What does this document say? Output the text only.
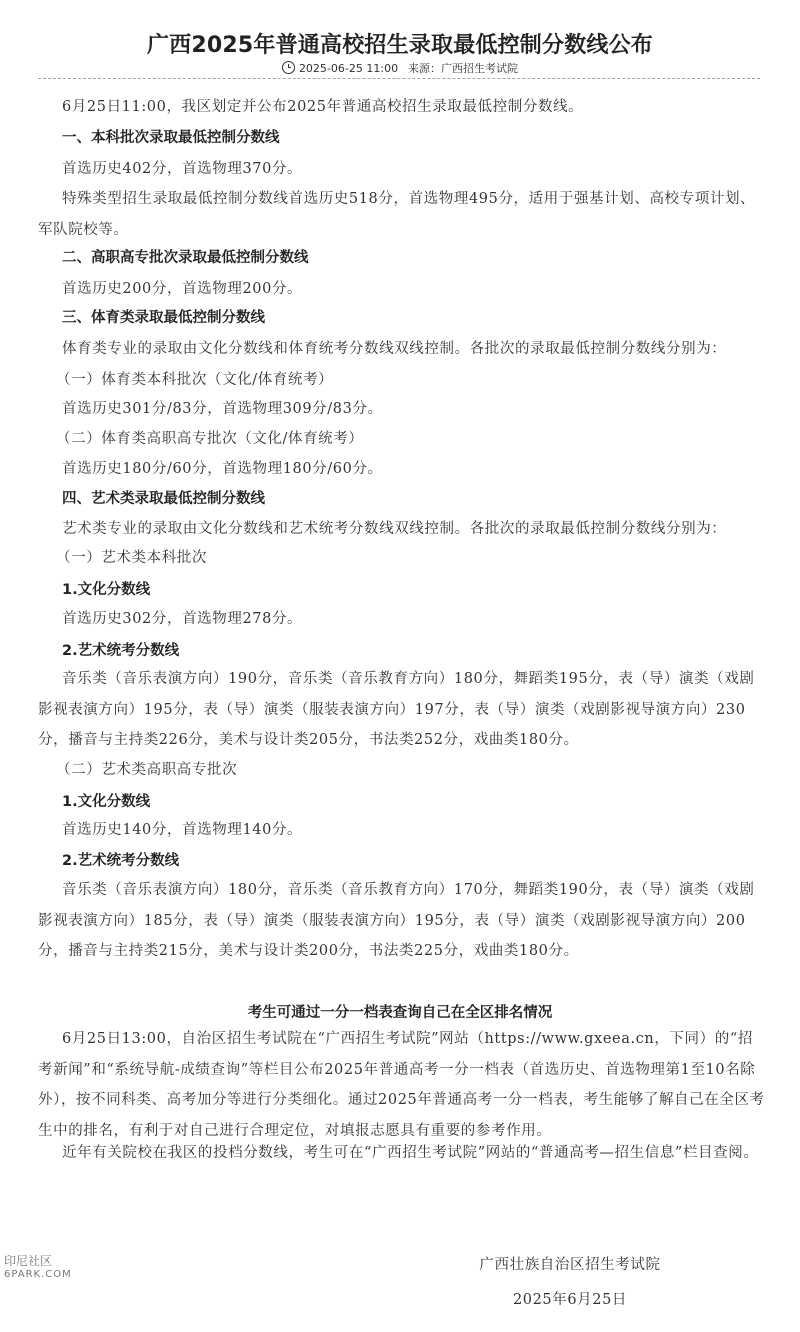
广西2025年普通高校招生录取最低控制分数线公布
2025-06-25 11:00 来源：广西招生考试院
6月25日11:00，我区划定并公布2025年普通高校招生录取最低控制分数线。
一、本科批次录取最低控制分数线
首选历史402分，首选物理370分。
特殊类型招生录取最低控制分数线首选历史518分，首选物理495分，适用于强基计划、高校专项计划、军队院校等。
二、高职高专批次录取最低控制分数线
首选历史200分，首选物理200分。
三、体育类录取最低控制分数线
体育类专业的录取由文化分数线和体育统考分数线双线控制。各批次的录取最低控制分数线分别为：
（一）体育类本科批次（文化/体育统考）
首选历史301分/83分，首选物理309分/83分。
（二）体育类高职高专批次（文化/体育统考）
首选历史180分/60分，首选物理180分/60分。
四、艺术类录取最低控制分数线
艺术类专业的录取由文化分数线和艺术统考分数线双线控制。各批次的录取最低控制分数线分别为：
（一）艺术类本科批次
1.文化分数线
首选历史302分，首选物理278分。
2.艺术统考分数线
音乐类（音乐表演方向）190分，音乐类（音乐教育方向）180分，舞蹈类195分，表（导）演类（戏剧影视表演方向）195分，表（导）演类（服装表演方向）197分，表（导）演类（戏剧影视导演方向）230分，播音与主持类226分，美术与设计类205分，书法类252分，戏曲类180分。
（二）艺术类高职高专批次
1.文化分数线
首选历史140分，首选物理140分。
2.艺术统考分数线
音乐类（音乐表演方向）180分，音乐类（音乐教育方向）170分，舞蹈类190分，表（导）演类（戏剧影视表演方向）185分，表（导）演类（服装表演方向）195分，表（导）演类（戏剧影视导演方向）200分，播音与主持类215分，美术与设计类200分，书法类225分，戏曲类180分。
考生可通过一分一档表查询自己在全区排名情况
6月25日13:00，自治区招生考试院在“广西招生考试院”网站（https://www.gxeea.cn，下同）的“招考新闻”和“系统导航-成绩查询”等栏目公布2025年普通高考一分一档表（首选历史、首选物理第1至10名除外），按不同科类、高考加分等进行分类细化。通过2025年普通高考一分一档表，考生能够了解自己在全区考生中的排名，有利于对自己进行合理定位，对填报志愿具有重要的参考作用。
近年有关院校在我区的投档分数线，考生可在“广西招生考试院”网站的“普通高考—招生信息”栏目查阅。
广西壮族自治区招生考试院
2025年6月25日
印尼社区
6PARK.COM
